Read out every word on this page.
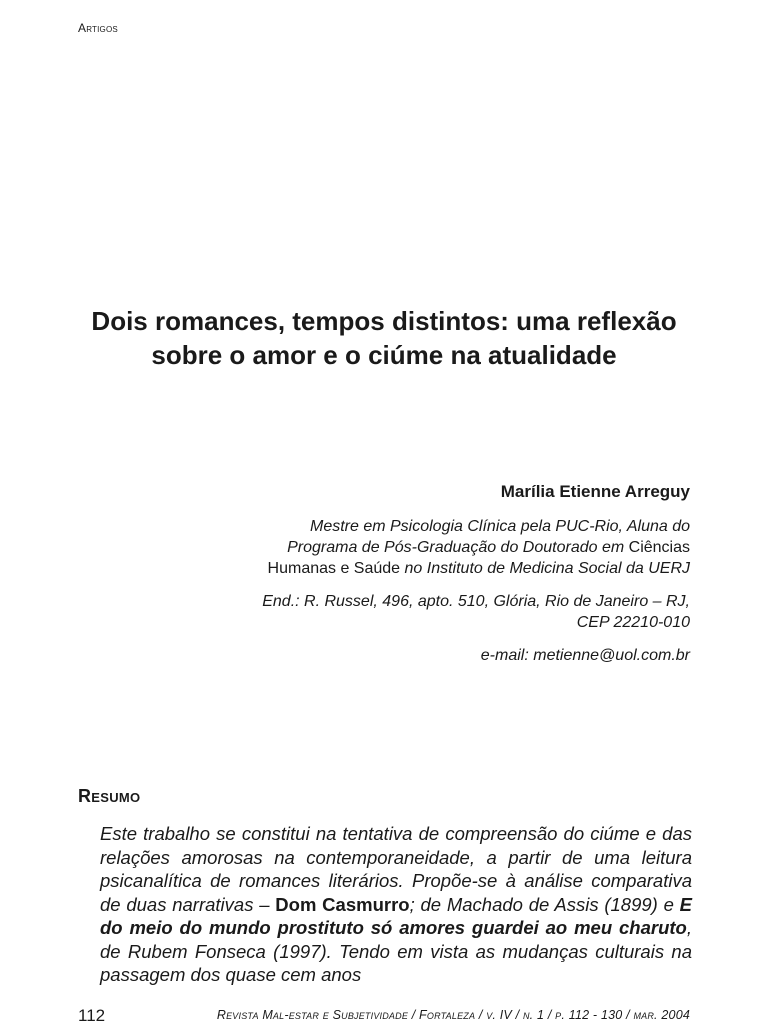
Artigos
Dois romances, tempos distintos: uma reflexão sobre o amor e o ciúme na atualidade
Marília Etienne Arreguy
Mestre em Psicologia Clínica pela PUC-Rio, Aluna do Programa de Pós-Graduação do Doutorado em Ciências Humanas e Saúde no Instituto de Medicina Social da UERJ
End.: R. Russel, 496, apto. 510, Glória, Rio de Janeiro – RJ, CEP 22210-010
e-mail: metienne@uol.com.br
Resumo
Este trabalho se constitui na tentativa de compreensão do ciúme e das relações amorosas na contemporaneidade, a partir de uma leitura psicanalítica de romances literários. Propõe-se à análise comparativa de duas narrativas – Dom Casmurro; de Machado de Assis (1899) e E do meio do mundo prostituto só amores guardei ao meu charuto, de Rubem Fonseca (1997). Tendo em vista as mudanças culturais na passagem dos quase cem anos
112	Revista Mal-estar e Subjetividade / Fortaleza / v. IV / n. 1 / p. 112 - 130 / mar. 2004
